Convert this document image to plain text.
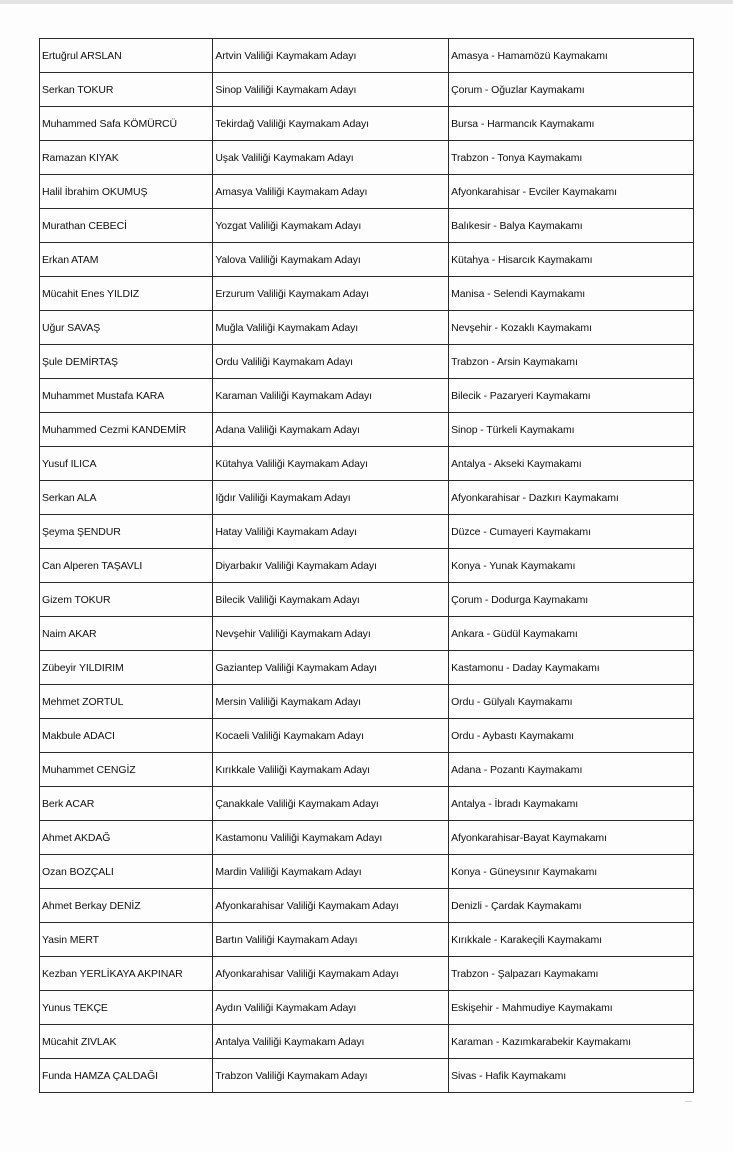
Ertuğrul ARSLAN	Artvin Valiliği Kaymakam Adayı	Amasya - Hamamözü Kaymakamı
Serkan TOKUR	Sinop Valiliği Kaymakam Adayı	Çorum - Oğuzlar Kaymakamı
Muhammed Safa KÖMÜRCÜ	Tekirdağ Valiliği Kaymakam Adayı	Bursa - Harmancık Kaymakamı
Ramazan KIYAK	Uşak Valiliği Kaymakam Adayı	Trabzon - Tonya Kaymakamı
Halil İbrahim OKUMUŞ	Amasya Valiliği Kaymakam Adayı	Afyonkarahisar - Evciler Kaymakamı
Murathan CEBECİ	Yozgat Valiliği Kaymakam Adayı	Balıkesir - Balya Kaymakamı
Erkan ATAM	Yalova Valiliği Kaymakam Adayı	Kütahya - Hisarcık Kaymakamı
Mücahit Enes YILDIZ	Erzurum Valiliği Kaymakam Adayı	Manisa - Selendi Kaymakamı
Uğur SAVAŞ	Muğla Valiliği Kaymakam Adayı	Nevşehir - Kozaklı Kaymakamı
Şule DEMİRTAŞ	Ordu Valiliği Kaymakam Adayı	Trabzon - Arsin Kaymakamı
Muhammet Mustafa KARA	Karaman Valiliği Kaymakam Adayı	Bilecik - Pazaryeri Kaymakamı
Muhammed Cezmi KANDEMİR	Adana Valiliği Kaymakam Adayı	Sinop - Türkeli Kaymakamı
Yusuf ILICA	Kütahya Valiliği Kaymakam Adayı	Antalya - Akseki Kaymakamı
Serkan ALA	Iğdır Valiliği Kaymakam Adayı	Afyonkarahisar - Dazkırı Kaymakamı
Şeyma ŞENDUR	Hatay Valiliği Kaymakam Adayı	Düzce - Cumayeri Kaymakamı
Can Alperen TAŞAVLI	Diyarbakır Valiliği Kaymakam Adayı	Konya - Yunak Kaymakamı
Gizem TOKUR	Bilecik Valiliği Kaymakam Adayı	Çorum - Dodurga Kaymakamı
Naim AKAR	Nevşehir Valiliği Kaymakam Adayı	Ankara - Güdül Kaymakamı
Zübeyir YILDIRIM	Gaziantep Valiliği Kaymakam Adayı	Kastamonu - Daday Kaymakamı
Mehmet ZORTUL	Mersin Valiliği Kaymakam Adayı	Ordu - Gülyalı Kaymakamı
Makbule ADACI	Kocaeli Valiliği Kaymakam Adayı	Ordu - Aybastı Kaymakamı
Muhammet CENGİZ	Kırıkkale Valiliği Kaymakam Adayı	Adana - Pozantı Kaymakamı
Berk ACAR	Çanakkale Valiliği Kaymakam Adayı	Antalya - İbradı Kaymakamı
Ahmet AKDAĞ	Kastamonu Valiliği Kaymakam Adayı	Afyonkarahisar-Bayat Kaymakamı
Ozan BOZÇALI	Mardin Valiliği Kaymakam Adayı	Konya - Güneysınır Kaymakamı
Ahmet Berkay DENİZ	Afyonkarahisar Valiliği Kaymakam Adayı	Denizli - Çardak Kaymakamı
Yasin MERT	Bartın Valiliği Kaymakam Adayı	Kırıkkale - Karakeçili Kaymakamı
Kezban YERLİKAYA AKPINAR	Afyonkarahisar Valiliği Kaymakam Adayı	Trabzon - Şalpazarı Kaymakamı
Yunus TEKÇE	Aydın Valiliği Kaymakam Adayı	Eskişehir - Mahmudiye Kaymakamı
Mücahit ZIVLAK	Antalya Valiliği Kaymakam Adayı	Karaman - Kazımkarabekir Kaymakamı
Funda HAMZA ÇALDAĞI	Trabzon Valiliği Kaymakam Adayı	Sivas - Hafik Kaymakamı
